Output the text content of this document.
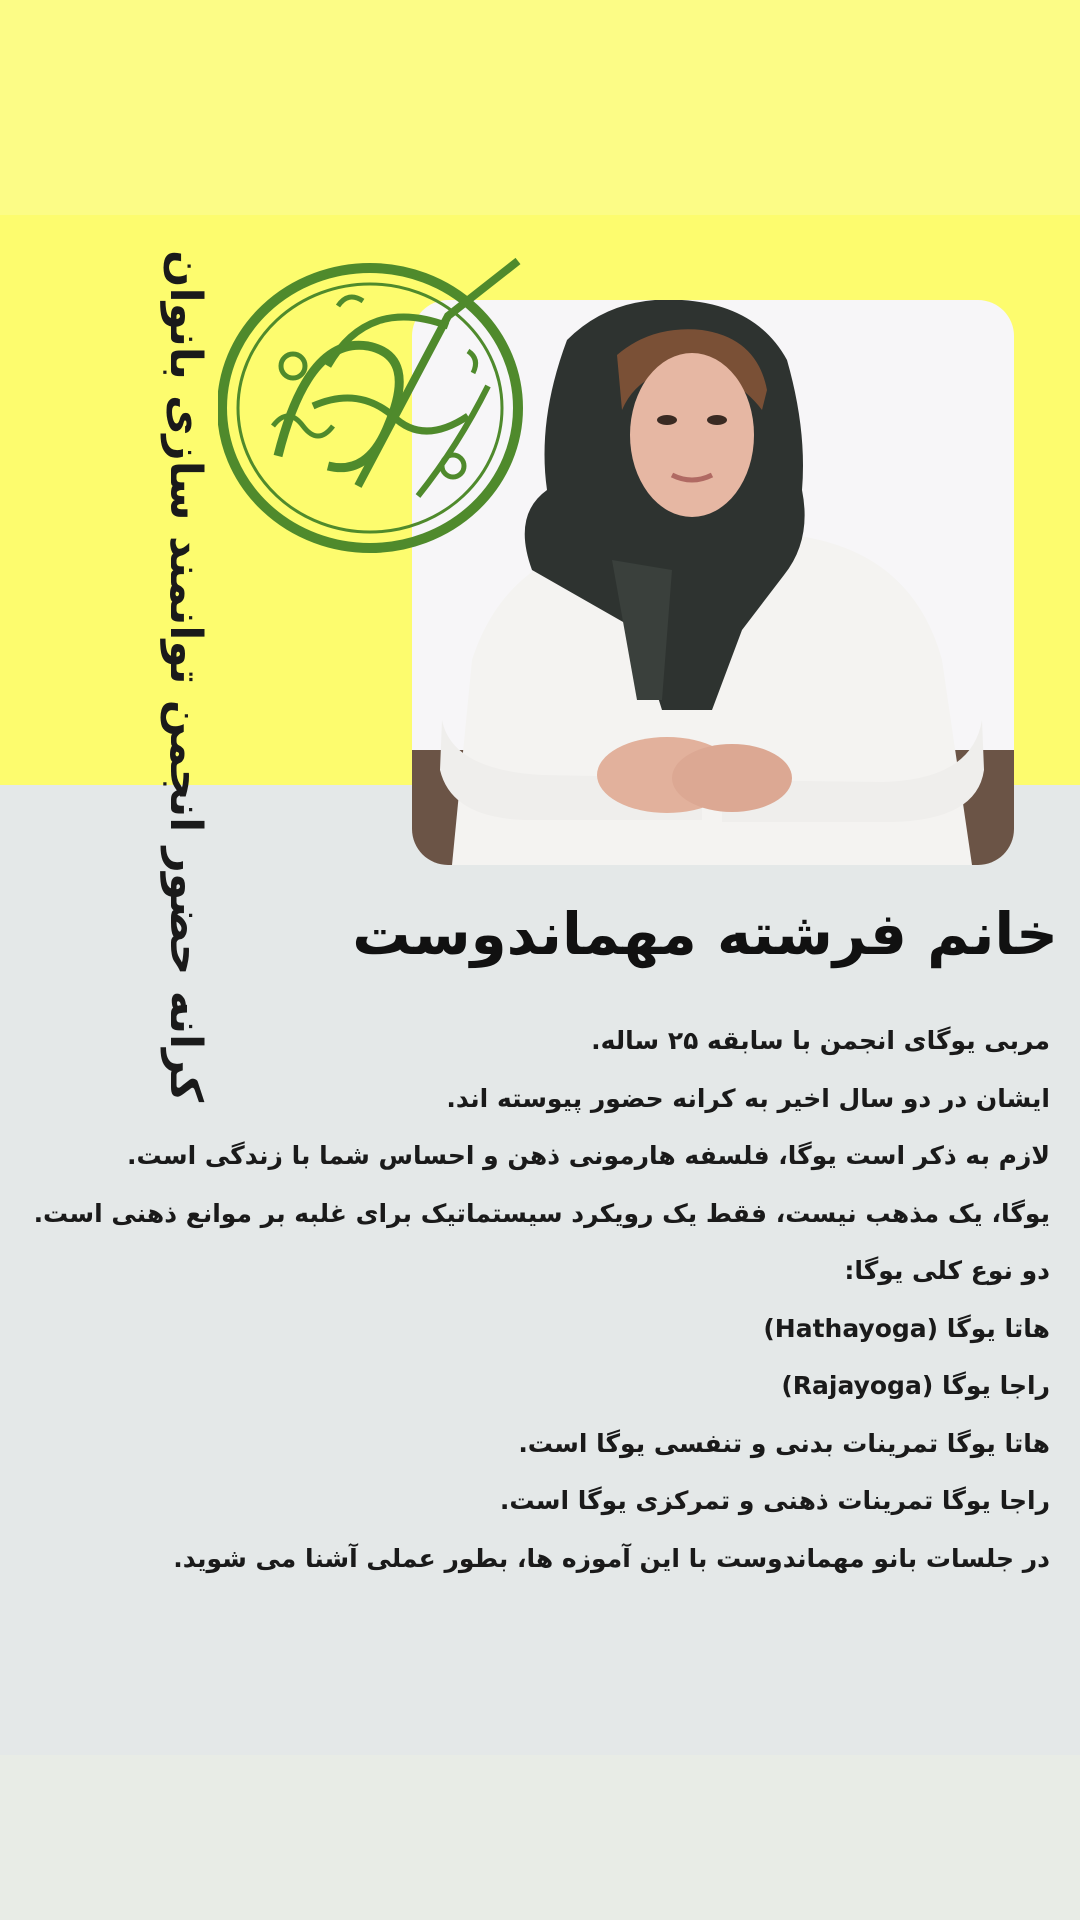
کرانه حضور انجمن توانمند سازی بانوان خانم فرشته مهماندوست
مربی یوگای انجمن با سابقه ۲۵ ساله.
ایشان در دو سال اخیر به کرانه حضور پیوسته اند.
لازم به ذکر است یوگا، فلسفه هارمونی ذهن و احساس شما با زندگی است.
یوگا، یک مذهب نیست، فقط یک رویکرد سیستماتیک برای غلبه بر موانع ذهنی است.
دو نوع کلی یوگا:
هاتا یوگا (Hathayoga)
راجا یوگا (Rajayoga)
هاتا یوگا تمرینات بدنی و تنفسی یوگا است.
راجا یوگا تمرینات ذهنی و تمرکزی یوگا است.
در جلسات بانو مهماندوست با این آموزه ها، بطور عملی آشنا می شوید.
